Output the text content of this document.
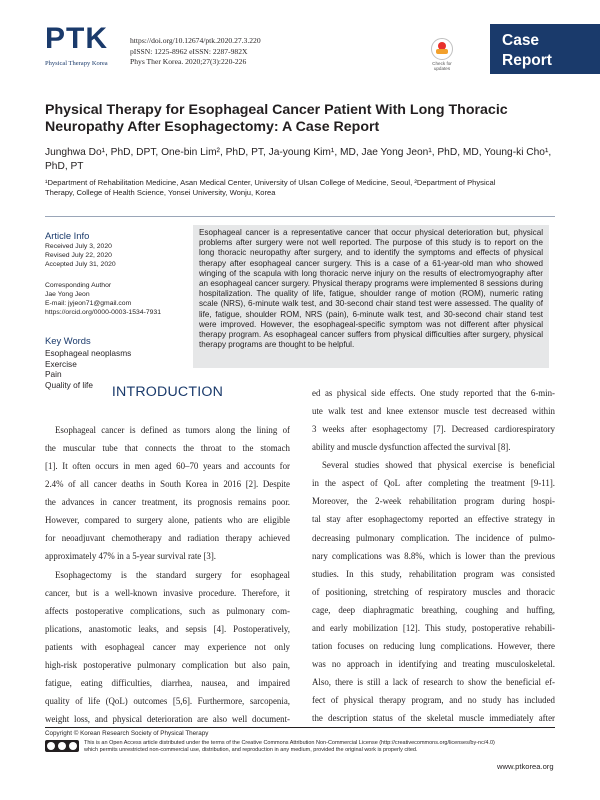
PTK
Physical Therapy Korea
https://doi.org/10.12674/ptk.2020.27.3.220
pISSN: 1225-8962 eISSN: 2287-982X
Phys Ther Korea. 2020;27(3):220-226	Check for
updates
Case
Report
Physical Therapy for Esophageal Cancer Patient With Long Thoracic
Neuropathy After Esophagectomy: A Case Report
Junghwa Do¹, PhD, DPT, One-bin Lim², PhD, PT, Ja-young Kim¹, MD, Jae Yong Jeon¹, PhD, MD, Young-ki Cho¹,
PhD, PT
¹Department of Rehabilitation Medicine, Asan Medical Center, University of Ulsan College of Medicine, Seoul, ²Department of Physical
Therapy, College of Health Science, Yonsei University, Wonju, Korea
Article Info
Received July 3, 2020
Revised July 22, 2020
Accepted July 31, 2020
Corresponding Author
Jae Yong Jeon
E-mail: jyjeon71@gmail.com
https://orcid.org/0000-0003-1534-7931
Key Words
Esophageal neoplasms
Exercise
Pain
Quality of life
Esophageal cancer is a representative cancer that occur physical deterioration but, physical
problems after surgery were not well reported. The purpose of this study is to report on the
long thoracic neuropathy after surgery, and to identify the symptoms and effects of physical
therapy after esophageal cancer surgery. This is a case of a 61-year-old man who showed
winging of the scapula with long thoracic nerve injury on the results of electromyography after
an esophageal cancer surgery. Physical therapy programs were implemented 8 sessions during
hospitalization. The quality of life, fatigue, shoulder range of motion (ROM), numeric rating
scale (NRS), 6-minute walk test, and 30-second chair stand test were assessed. The quality of
life, fatigue, shoulder ROM, NRS (pain), 6-minute walk test, and 30-second chair stand test
were improved. However, the esophageal-specific symptom was not different after physical
therapy program. As esophageal cancer suffers from physical difficulties after surgery, physical
therapy programs are thought to be helpful.
INTRODUCTION

Esophageal cancer is defined as tumors along the lining of

the muscular tube that connects the throat to the stomach

[1]. It often occurs in men aged 60–70 years and accounts for

2.4% of all cancer deaths in South Korea in 2016 [2]. Despite

the advances in cancer treatment, its prognosis remains poor.

However, compared to surgery alone, patients who are eligible

for neoadjuvant chemotherapy and radiation therapy achieved

approximately 47% in a 5-year survival rate [3].

Esophagectomy is the standard surgery for esophageal

cancer, but is a well-known invasive procedure. Therefore, it

affects postoperative complications, such as pulmonary com-

plications, anastomotic leaks, and sepsis [4]. Postoperatively,

patients with esophageal cancer may experience not only

high-risk postoperative pulmonary complication but also pain,

fatigue, eating difficulties, diarrhea, nausea, and impaired

quality of life (QoL) outcomes [5,6]. Furthermore, sarcopenia,

weight loss, and physical deterioration are also well document-

ed as physical side effects. One study reported that the 6-min-

ute walk test and knee extensor muscle test decreased within

3 weeks after esophagectomy [7]. Decreased cardiorespiratory

ability and muscle dysfunction affected the survival [8].

Several studies showed that physical exercise is beneficial

in the aspect of QoL after completing the treatment [9-11].

Moreover, the 2-week rehabilitation program during hospi-

tal stay after esophagectomy reported an effective strategy in

decreasing pulmonary complication. The incidence of pulmo-

nary complications was 8.8%, which is lower than the previous

studies. In this study, rehabilitation program was consisted

of positioning, stretching of respiratory muscles and thoracic

cage, deep diaphragmatic breathing, coughing and huffing,

and early mobilization [12]. This study, postoperative rehabili-

tation focuses on reducing lung complications. However, there

was no approach in identifying and treating musculoskeletal.

Also, there is still a lack of research to show the beneficial ef-

fect of physical therapy program, and no study has included

the description status of the skeletal muscle immediately after

Copyright © Korean Research Society of Physical Therapy
This is an Open Access article distributed under the terms of the Creative Commons Attribution Non-Commercial License (http://creativecommons.org/licenses/by-nc/4.0)
which permits unrestricted non-commercial use, distribution, and reproduction in any medium, provided the original work is properly cited.
www.ptkorea.org
